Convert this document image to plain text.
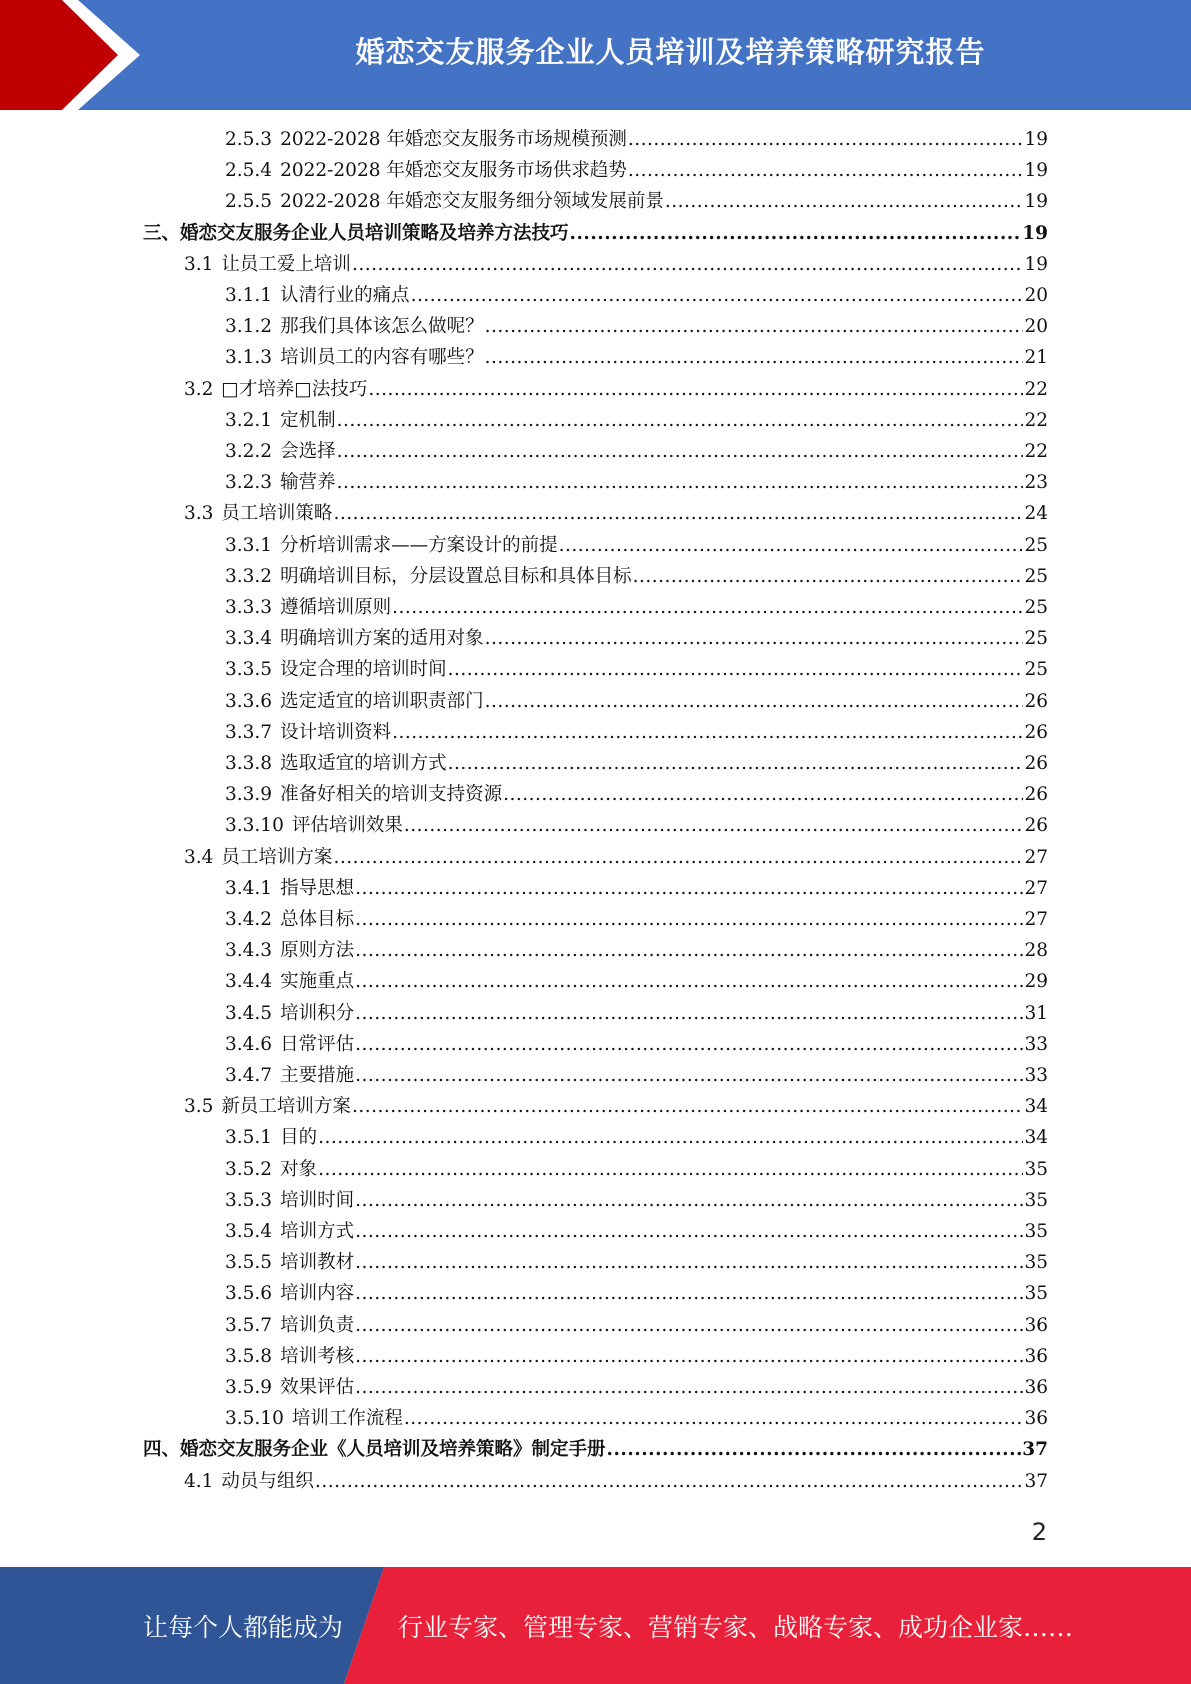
婚恋交友服务企业人员培训及培养策略研究报告
2.5.3 2022-2028 年婚恋交友服务市场规模预测 .....	19
2.5.4 2022-2028 年婚恋交友服务市场供求趋势 .....	19
2.5.5 2022-2028 年婚恋交友服务细分领域发展前景 .....	19
三、 婚恋交友服务企业人员培训策略及培养方法技巧 .....	19
3.1 让员工爱上培训 .....	19
3.1.1 认清行业的痛点 .....	20
3.1.2 那我们具体该怎么做呢？ .....	20
3.1.3 培训员工的内容有哪些？ .....	21
3.2 □才培养□法技巧 .....	22
3.2.1 定机制 .....	22
3.2.2 会选择 .....	22
3.2.3 输营养 .....	23
3.3 员工培训策略 .....	24
3.3.1 分析培训需求——方案设计的前提 .....	25
3.3.2 明确培训目标，分层设置总目标和具体目标 .....	25
3.3.3 遵循培训原则 .....	25
3.3.4 明确培训方案的适用对象 .....	25
3.3.5 设定合理的培训时间 .....	25
3.3.6 选定适宜的培训职责部门 .....	26
3.3.7 设计培训资料 .....	26
3.3.8 选取适宜的培训方式 .....	26
3.3.9 准备好相关的培训支持资源 .....	26
3.3.10 评估培训效果 .....	26
3.4 员工培训方案 .....	27
3.4.1 指导思想 .....	27
3.4.2 总体目标 .....	27
3.4.3 原则方法 .....	28
3.4.4 实施重点 .....	29
3.4.5 培训积分 .....	31
3.4.6 日常评估 .....	33
3.4.7 主要措施 .....	33
3.5 新员工培训方案 .....	34
3.5.1 目的 .....	34
3.5.2 对象 .....	35
3.5.3 培训时间 .....	35
3.5.4 培训方式 .....	35
3.5.5 培训教材 .....	35
3.5.6 培训内容 .....	35
3.5.7 培训负责 .....	36
3.5.8 培训考核 .....	36
3.5.9 效果评估 .....	36
3.5.10 培训工作流程 .....	36
四、 婚恋交友服务企业《人员培训及培养策略》制定手册 .....	37
4.1 动员与组织 .....	37
2
让每个人都能成为 行业专家、管理专家、营销专家、战略专家、成功企业家……
